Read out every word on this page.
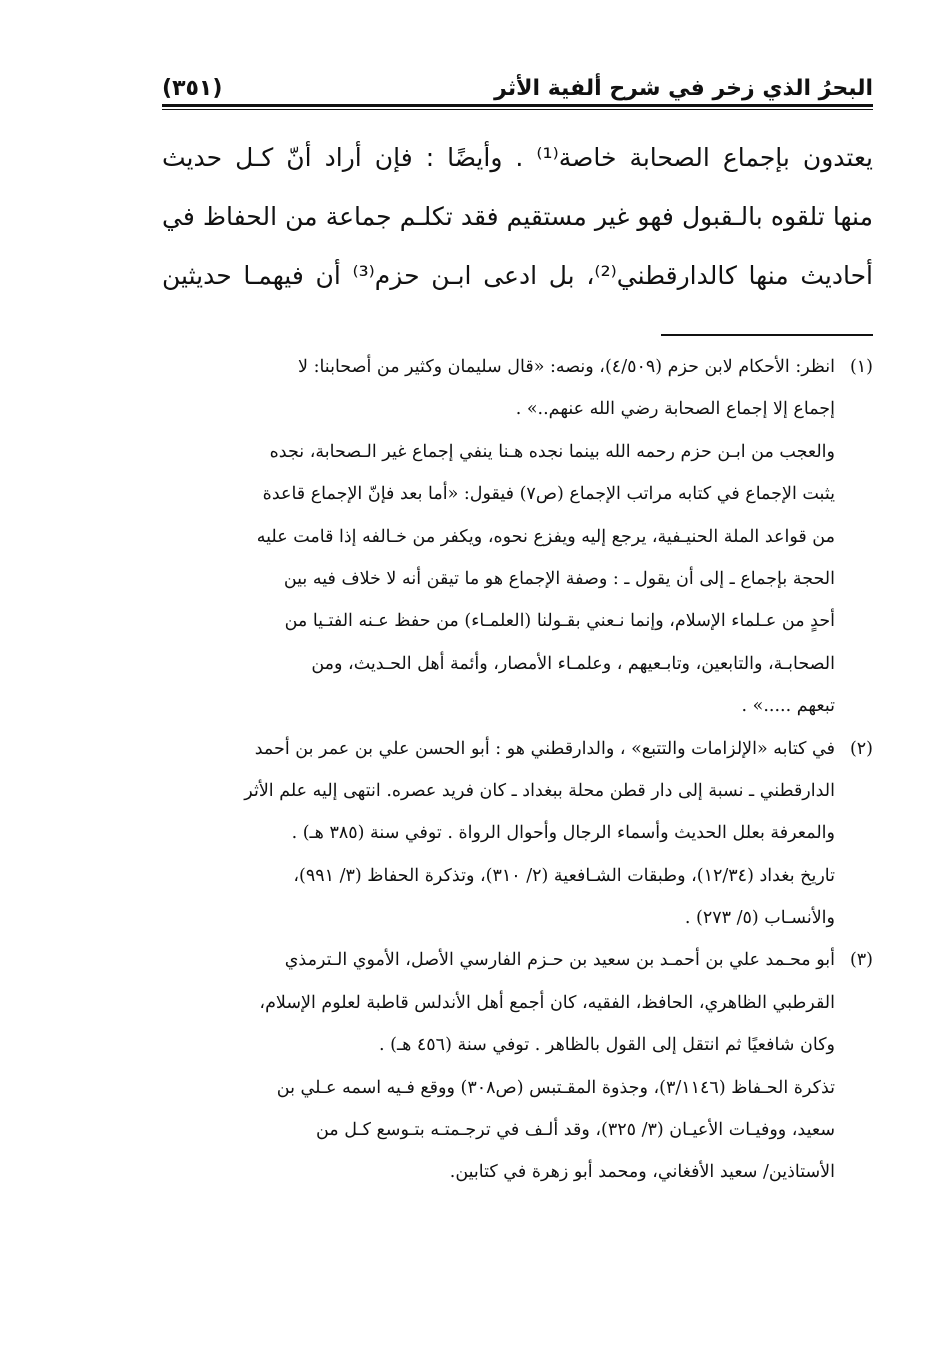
البحرُ الذي زخر في شرح ألفية الأثر
(٣٥١)
يعتدون بإجماع الصحابة خاصة⁽¹⁾ . وأيضًا : فإن أراد أنّ كـل حديث
منها تلقوه بالـقبول فهو غير مستقيم فقد تكلـم جماعة من الحفاظ في
أحاديث منها كالدارقطني⁽²⁾، بل ادعى ابـن حزم⁽³⁾ أن فيهمـا حديثين
(١)انظر: الأحكام لابن حزم (٤/٥٠٩)، ونصه: «قال سليمان وكثير من أصحابنا: لا
إجماع إلا إجماع الصحابة رضي الله عنهم..» .
والعجب من ابـن حزم رحمه الله بينما نجده هـنا ينفي إجماع غير الـصحابة، نجده
يثبت الإجماع في كتابه مراتب الإجماع (ص٧) فيقول: «أما بعد فإنّ الإجماع قاعدة
من قواعد الملة الحنيـفية، يرجع إليه ويفزع نحوه، ويكفر من خـالفه إذا قامت عليه
الحجة بإجماع ـ إلى أن يقول ـ : وصفة الإجماع هو ما تيقن أنه لا خلاف فيه بين
أحدٍ من عـلماء الإسلام، وإنما نـعني بقـولنا (العلمـاء) من حفظ عـنه الفتـيا من
الصحابـة، والتابعين، وتابـعيهم ، وعلمـاء الأمصار، وأئمة أهل الحـديث، ومن
تبعهم .....» .
(٢)في كتابه «الإلزامات والتتبع» ، والدارقطني هو : أبو الحسن علي بن عمر بن أحمد
الدارقطني ـ نسبة إلى دار قطن محلة ببغداد ـ كان فريد عصره. انتهى إليه علم الأثر
والمعرفة بعلل الحديث وأسماء الرجال وأحوال الرواة . توفي سنة (٣٨٥ هـ) .
تاريخ بغداد (١٢/٣٤)، وطبقات الشـافعية (٢/ ٣١٠)، وتذكرة الحفاظ (٣/ ٩٩١)،
والأنسـاب (٥/ ٢٧٣) .
(٣)أبو محـمد علي بن أحمـد بن سعيد بن حـزم الفارسي الأصل، الأموي الـترمذي
القرطبي الظاهري، الحافظ، الفقيه، كان أجمع أهل الأندلس قاطبة لعلوم الإسلام،
وكان شافعيًا ثم انتقل إلى القول بالظاهر . توفي سنة (٤٥٦ هـ) .
تذكرة الحـفاظ (٣/١١٤٦)، وجذوة المقـتبس (ص٣٠٨) ووقع فـيه اسمه عـلي بن
سعيد، ووفيـات الأعيـان (٣/ ٣٢٥)، وقد ألـف في ترجـمتـه بتـوسع كـل من
الأستاذين/ سعيد الأفغاني، ومحمد أبو زهرة في كتابين.
